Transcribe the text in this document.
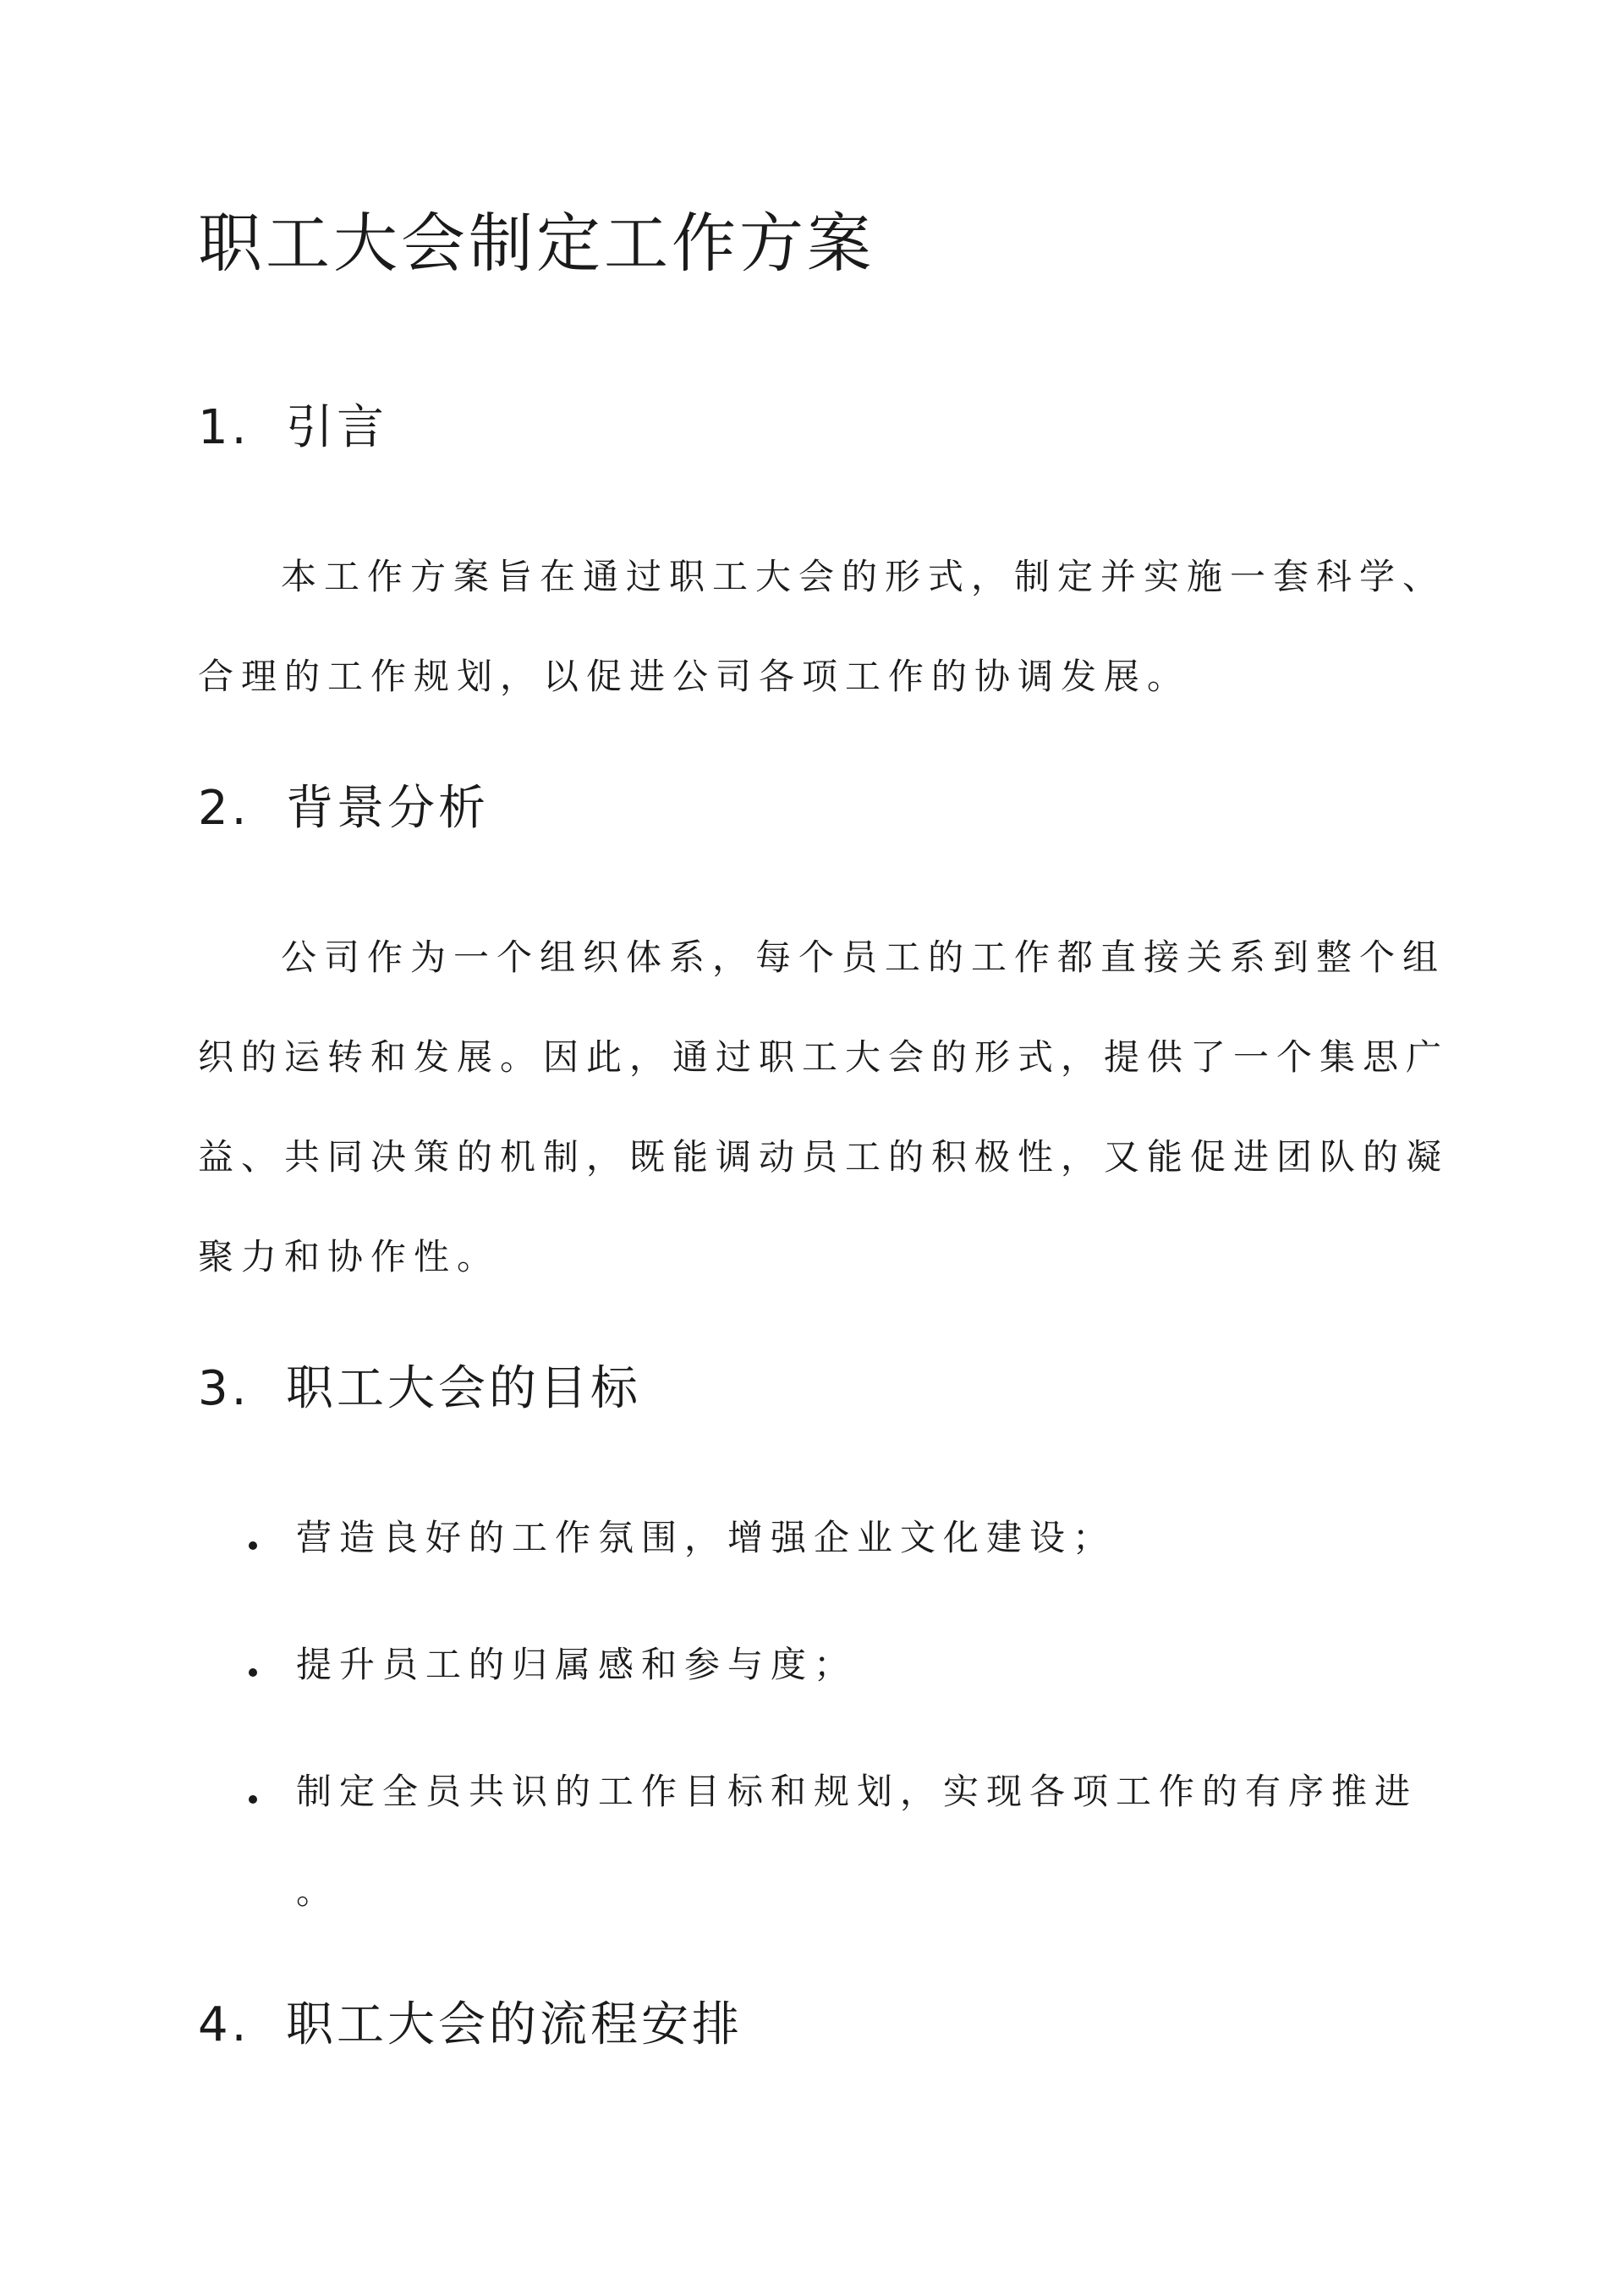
职工大会制定工作方案
1. 引言

本工作方案旨在通过职工大会的形式，制定并实施一套科学、

合理的工作规划，以促进公司各项工作的协调发展。

2. 背景分析

公司作为一个组织体系，每个员工的工作都直接关系到整个组

织的运转和发展。因此，通过职工大会的形式，提供了一个集思广

益、共同决策的机制，既能调动员工的积极性，又能促进团队的凝

聚力和协作性。

3. 职工大会的目标

营造良好的工作氛围，增强企业文化建设；

提升员工的归属感和参与度；

制定全员共识的工作目标和规划，实现各项工作的有序推进

。

4. 职工大会的流程安排
